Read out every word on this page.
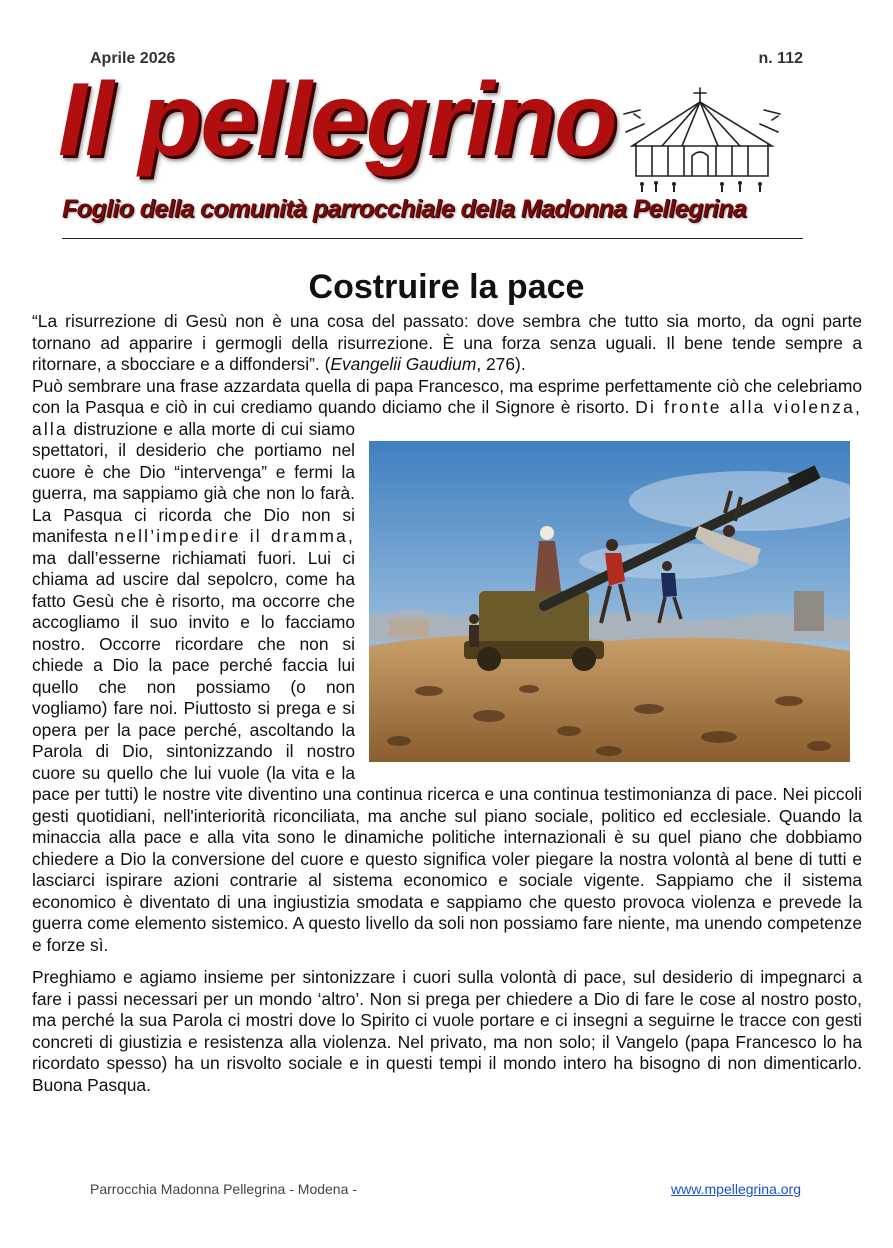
Aprile 2026	n. 112
Il pellegrino
Foglio della comunità parrocchiale della Madonna Pellegrina
Costruire la pace

“La risurrezione di Gesù non è una cosa del passato: dove sembra che tutto sia morto, da ogni parte tornano ad apparire i germogli della risurrezione. È una forza senza uguali. Il bene tende sempre a ritornare, a sbocciare e a diffondersi”. (Evangelii Gaudium, 276).

Può sembrare una frase azzardata quella di papa Francesco, ma esprime perfettamente ciò che celebriamo con la Pasqua e ciò in cui crediamo quando diciamo che il Signore è risorto. Di fronte alla violenza, alla distruzione e alla morte di cui siamo spettatori, il desiderio che portiamo nel cuore è che Dio “intervenga” e fermi la guerra, ma sappiamo già che non lo farà. La Pasqua ci ricorda che Dio non si manifesta nell’impedire il dramma, ma dall’esserne richiamati fuori. Lui ci chiama ad uscire dal sepolcro, come ha fatto Gesù che è risorto, ma occorre che accogliamo il suo invito e lo facciamo nostro. Occorre ricordare che non si chiede a Dio la pace perché faccia lui quello che non possiamo (o non vogliamo) fare noi. Piuttosto si prega e si opera per la pace perché, ascoltando la Parola di Dio, sintonizzando il nostro cuore su quello che lui vuole (la vita e la pace per tutti) le nostre vite diventino una continua ricerca e una continua testimonianza di pace. Nei piccoli gesti quotidiani, nell'interiorità riconciliata, ma anche sul piano sociale, politico ed ecclesiale. Quando la minaccia alla pace e alla vita sono le dinamiche politiche internazionali è su quel piano che dobbiamo chiedere a Dio la conversione del cuore e questo significa voler piegare la nostra volontà al bene di tutti e lasciarci ispirare azioni contrarie al sistema economico e sociale vigente. Sappiamo che il sistema economico è diventato di una ingiustizia smodata e sappiamo che questo provoca violenza e prevede la guerra come elemento sistemico. A questo livello da soli non possiamo fare niente, ma unendo competenze e forze sì.

Preghiamo e agiamo insieme per sintonizzare i cuori sulla volontà di pace, sul desiderio di impegnarci a fare i passi necessari per un mondo ‘altro’. Non si prega per chiedere a Dio di fare le cose al nostro posto, ma perché la sua Parola ci mostri dove lo Spirito ci vuole portare e ci insegni a seguirne le tracce con gesti concreti di giustizia e resistenza alla violenza. Nel privato, ma non solo; il Vangelo (papa Francesco lo ha ricordato spesso) ha un risvolto sociale e in questi tempi il mondo intero ha bisogno di non dimenticarlo. Buona Pasqua.

Parrocchia Madonna Pellegrina - Modena -	www.mpellegrina.org
